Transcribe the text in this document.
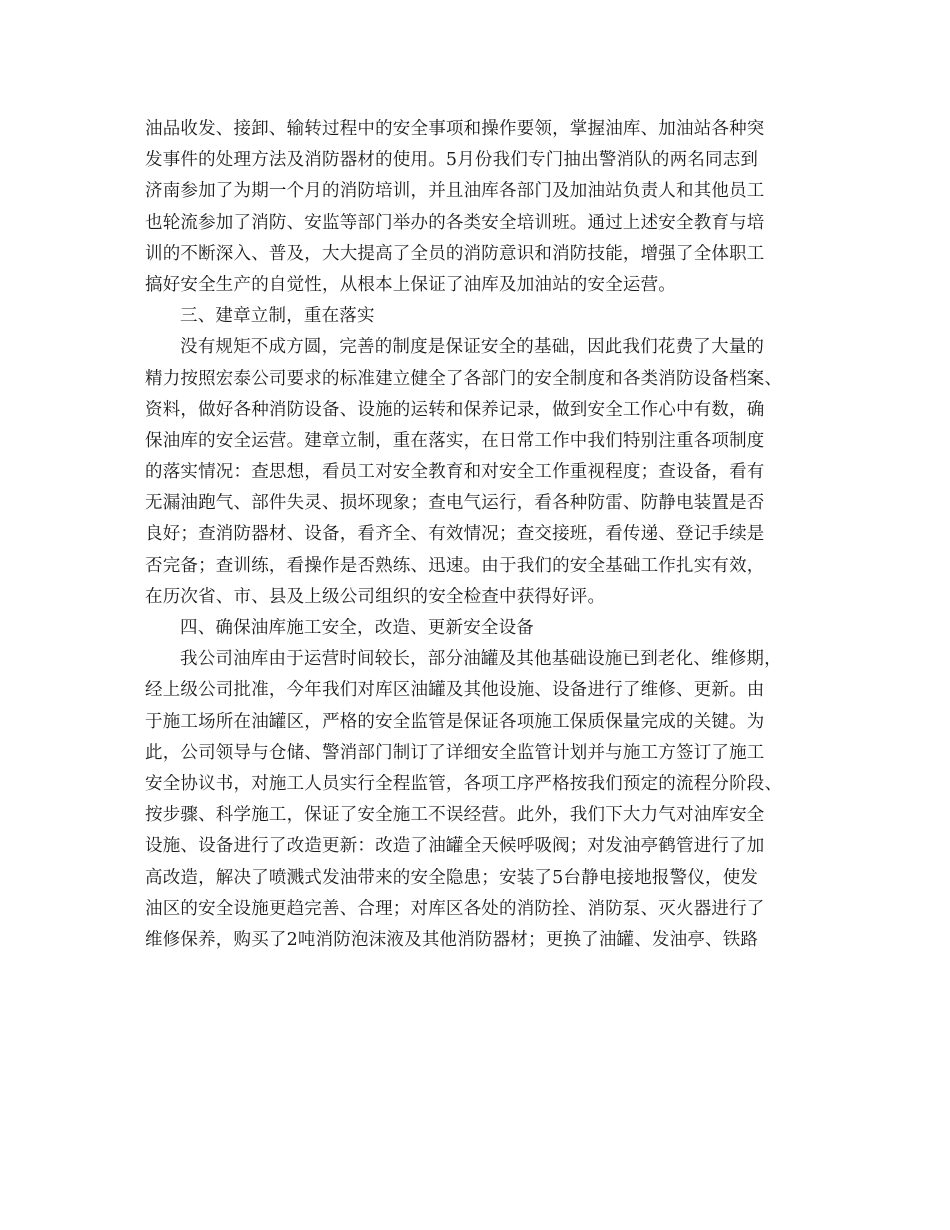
油品收发、接卸、输转过程中的安全事项和操作要领，掌握油库、加油站各种突
发事件的处理方法及消防器材的使用。5月份我们专门抽出警消队的两名同志到
济南参加了为期一个月的消防培训，并且油库各部门及加油站负责人和其他员工
也轮流参加了消防、安监等部门举办的各类安全培训班。通过上述安全教育与培
训的不断深入、普及，大大提高了全员的消防意识和消防技能，增强了全体职工
搞好安全生产的自觉性，从根本上保证了油库及加油站的安全运营。
三、建章立制，重在落实
没有规矩不成方圆，完善的制度是保证安全的基础，因此我们花费了大量的
精力按照宏泰公司要求的标准建立健全了各部门的安全制度和各类消防设备档案、
资料，做好各种消防设备、设施的运转和保养记录，做到安全工作心中有数，确
保油库的安全运营。建章立制，重在落实，在日常工作中我们特别注重各项制度
的落实情况：查思想，看员工对安全教育和对安全工作重视程度；查设备，看有
无漏油跑气、部件失灵、损坏现象；查电气运行，看各种防雷、防静电装置是否
良好；查消防器材、设备，看齐全、有效情况；查交接班，看传递、登记手续是
否完备；查训练，看操作是否熟练、迅速。由于我们的安全基础工作扎实有效，
在历次省、市、县及上级公司组织的安全检查中获得好评。
四、确保油库施工安全，改造、更新安全设备
我公司油库由于运营时间较长，部分油罐及其他基础设施已到老化、维修期，
经上级公司批准，今年我们对库区油罐及其他设施、设备进行了维修、更新。由
于施工场所在油罐区，严格的安全监管是保证各项施工保质保量完成的关键。为
此，公司领导与仓储、警消部门制订了详细安全监管计划并与施工方签订了施工
安全协议书，对施工人员实行全程监管，各项工序严格按我们预定的流程分阶段、
按步骤、科学施工，保证了安全施工不误经营。此外，我们下大力气对油库安全
设施、设备进行了改造更新：改造了油罐全天候呼吸阀；对发油亭鹤管进行了加
高改造，解决了喷溅式发油带来的安全隐患；安装了5台静电接地报警仪，使发
油区的安全设施更趋完善、合理；对库区各处的消防拴、消防泵、灭火器进行了
维修保养，购买了2吨消防泡沫液及其他消防器材；更换了油罐、发油亭、铁路
